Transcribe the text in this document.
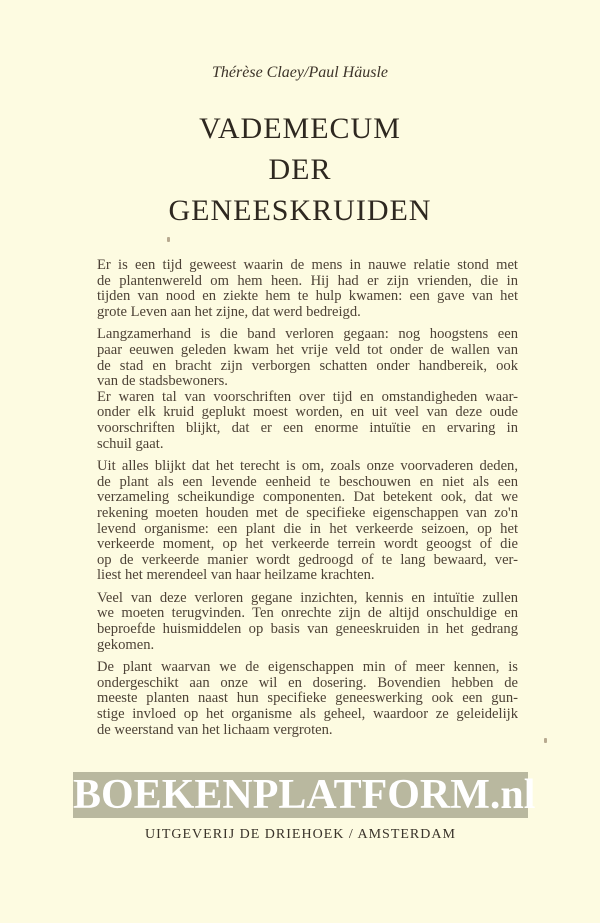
Thérèse Claey/Paul Häusle
VADEMECUM
DER
GENEESKRUIDEN
Er is een tijd geweest waarin de mens in nauwe relatie stond met
de plantenwereld om hem heen. Hij had er zijn vrienden, die in
tijden van nood en ziekte hem te hulp kwamen: een gave van het
grote Leven aan het zijne, dat werd bedreigd.
Langzamerhand is die band verloren gegaan: nog hoogstens een
paar eeuwen geleden kwam het vrije veld tot onder de wallen van
de stad en bracht zijn verborgen schatten onder handbereik, ook
van de stadsbewoners.
Er waren tal van voorschriften over tijd en omstandigheden waar-
onder elk kruid geplukt moest worden, en uit veel van deze oude
voorschriften blijkt, dat er een enorme intuïtie en ervaring in
schuil gaat.
Uit alles blijkt dat het terecht is om, zoals onze voorvaderen deden,
de plant als een levende eenheid te beschouwen en niet als een
verzameling scheikundige componenten. Dat betekent ook, dat we
rekening moeten houden met de specifieke eigenschappen van zo'n
levend organisme: een plant die in het verkeerde seizoen, op het
verkeerde moment, op het verkeerde terrein wordt geoogst of die
op de verkeerde manier wordt gedroogd of te lang bewaard, ver-
liest het merendeel van haar heilzame krachten.
Veel van deze verloren gegane inzichten, kennis en intuïtie zullen
we moeten terugvinden. Ten onrechte zijn de altijd onschuldige en
beproefde huismiddelen op basis van geneeskruiden in het gedrang
gekomen.
De plant waarvan we de eigenschappen min of meer kennen, is
ondergeschikt aan onze wil en dosering. Bovendien hebben de
meeste planten naast hun specifieke geneeswerking ook een gun-
stige invloed op het organisme als geheel, waardoor ze geleidelijk
de weerstand van het lichaam vergroten.
BOEKENPLATFORM.nl
UITGEVERIJ DE DRIEHOEK / AMSTERDAM
